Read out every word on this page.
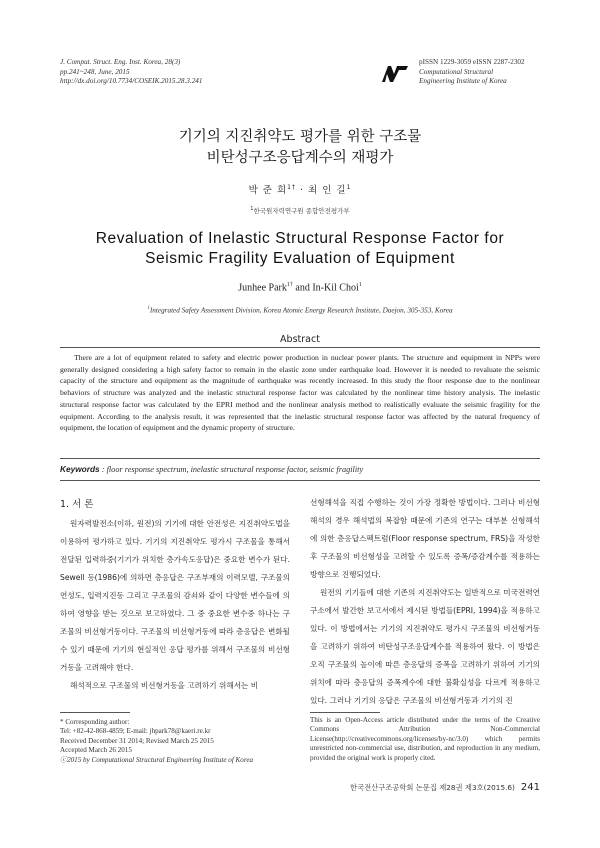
J. Comput. Struct. Eng. Inst. Korea, 28(3)
pp.241~248, June, 2015
http://dx.doi.org/10.7734/COSEIK.2015.28.3.241
pISSN 1229-3059 eISSN 2287-2302
Computational Structural
Engineering Institute of Korea
기기의 지진취약도 평가를 위한 구조물
비탄성구조응답계수의 재평가
박 준 희$^{1\dagger}$ · 최 인 길$^1$
$^1$한국원자력연구원 종합안전평가부
Revaluation of Inelastic Structural Response Factor for
Seismic Fragility Evaluation of Equipment
Junhee Park$^{1\dagger}$ and In-Kil Choi$^1$
$^1$Integrated Safety Assessment Division, Korea Atomic Energy Research Institute, Daejon, 305-353, Korea
Abstract

There are a lot of equipment related to safety and electric power production in nuclear power plants. The structure and equipment in NPPs were generally designed considering a high safety factor to remain in the elastic zone under earthquake load. However it is needed to revaluate the seismic capacity of the structure and equipment as the magnitude of earthquake was recently increased. In this study the floor response due to the nonlinear behaviors of structure was analyzed and the inelastic structural response factor was calculated by the nonlinear time history analysis. The inelastic structural response factor was calculated by the EPRI method and the nonlinear analysis method to realistically evaluate the seismic fragility for the equipment. According to the analysis result, it was represented that the inelastic structural response factor was affected by the natural frequency of equipment, the location of equipment and the dynamic property of structure.

Keywords : floor response spectrum, inelastic structural response factor, seismic fragility
1. 서 론

원자력발전소(이하, 원전)의 기기에 대한 안전성은 지진취약도법을 이용하여 평가하고 있다. 기기의 지진취약도 평가시 구조물을 통해서 전달된 입력하중(기기가 위치한 층가속도응답)은 중요한 변수가 된다. Sewell 등(1986)에 의하면 층응답은 구조부재의 이력모델, 구조물의 연성도, 입력지진동 그리고 구조물의 감쇠와 같이 다양한 변수들에 의하여 영향을 받는 것으로 보고하였다. 그 중 중요한 변수중 하나는 구조물의 비선형거동이다. 구조물의 비선형거동에 따라 층응답은 변화될 수 있기 때문에 기기의 현실적인 응답 평가를 위해서 구조물의 비선형거동을 고려해야 한다.

해석적으로 구조물의 비선형거동을 고려하기 위해서는 비

선형해석을 직접 수행하는 것이 가장 정확한 방법이다. 그러나 비선형해석의 경우 해석법의 복잡함 때문에 기존의 연구는 대부분 선형해석에 의한 층응답스펙트럼(Floor response spectrum, FRS)을 작성한 후 구조물의 비선형성을 고려할 수 있도록 증폭/증감계수를 적용하는 방향으로 진행되었다.

원전의 기기들에 대한 기존의 지진취약도는 일반적으로 미국전력연구소에서 발간한 보고서에서 제시된 방법들(EPRI, 1994)을 적용하고 있다. 이 방법에서는 기기의 지진취약도 평가시 구조물의 비선형거동을 고려하기 위하여 비탄성구조응답계수를 적용하여 왔다. 이 방법은 오직 구조물의 높이에 따른 층응답의 증폭을 고려하기 위하여 기기의 위치에 따라 층응답의 증폭계수에 대한 불확실성을 다르게 적용하고 있다. 그러나 기기의 응답은 구조물의 비선형거동과 기기의 진

* Corresponding author:
Tel: +82-42-868-4859; E-mail: jhpark78@kaeri.re.kr
Received December 31 2014; Revised March 25 2015
Accepted March 26 2015
ⓒ2015 by Computational Structural Engineering Institute of Korea
This is an Open-Access article distributed under the terms of the Creative Commons Attribution Non-Commercial License(http://creativecommons.org/licenses/by-nc/3.0) which permits unrestricted non-commercial use, distribution, and reproduction in any medium, provided the original work is properly cited.
한국전산구조공학회 논문집 제28권 제3호(2015.6) 241
